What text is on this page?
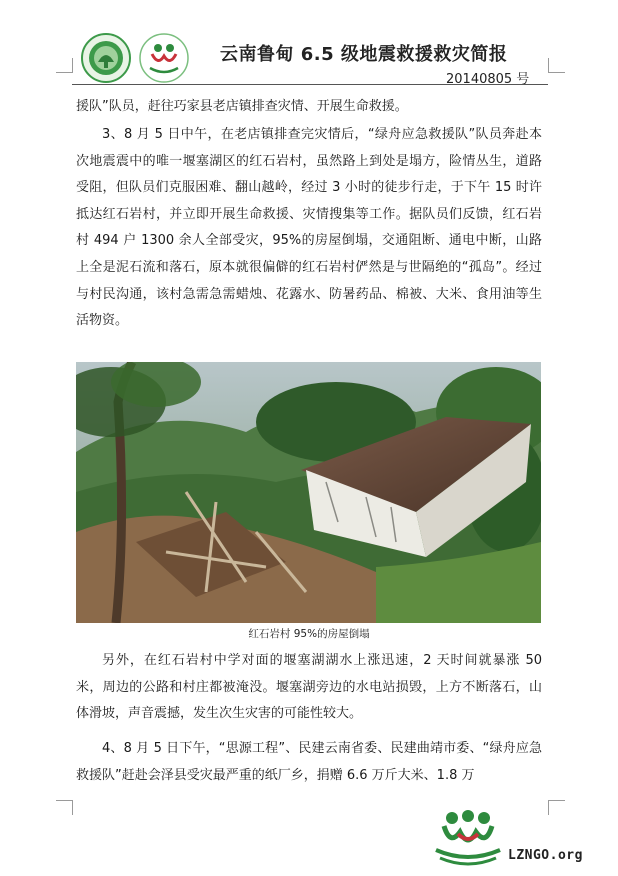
云南鲁甸 6.5 级地震救援救灾简报
20140805 号

援队”队员，赶往巧家县老店镇排查灾情、开展生命救援。

3、8 月 5 日中午，在老店镇排查完灾情后，“绿舟应急救援队”队员奔赴本次地震震中的唯一堰塞湖区的红石岩村，虽然路上到处是塌方，险情丛生，道路受阻，但队员们克服困难、翻山越岭，经过 3 小时的徒步行走，于下午 15 时许抵达红石岩村，并立即开展生命救援、灾情搜集等工作。据队员们反馈，红石岩村 494 户 1300 余人全部受灾，95%的房屋倒塌，交通阻断、通电中断，山路上全是泥石流和落石，原本就很偏僻的红石岩村俨然是与世隔绝的“孤岛”。经过与村民沟通，该村急需急需蜡烛、花露水、防暑药品、棉被、大米、食用油等生活物资。

红石岩村 95%的房屋倒塌

另外，在红石岩村中学对面的堰塞湖湖水上涨迅速，2 天时间就暴涨 50 米，周边的公路和村庄都被淹没。堰塞湖旁边的水电站损毁，上方不断落石，山体滑坡，声音震撼，发生次生灾害的可能性较大。

4、8 月 5 日下午，“思源工程”、民建云南省委、民建曲靖市委、“绿舟应急救援队”赶赴会泽县受灾最严重的纸厂乡，捐赠 6.6 万斤大米、1.8 万

LZNGO.org
